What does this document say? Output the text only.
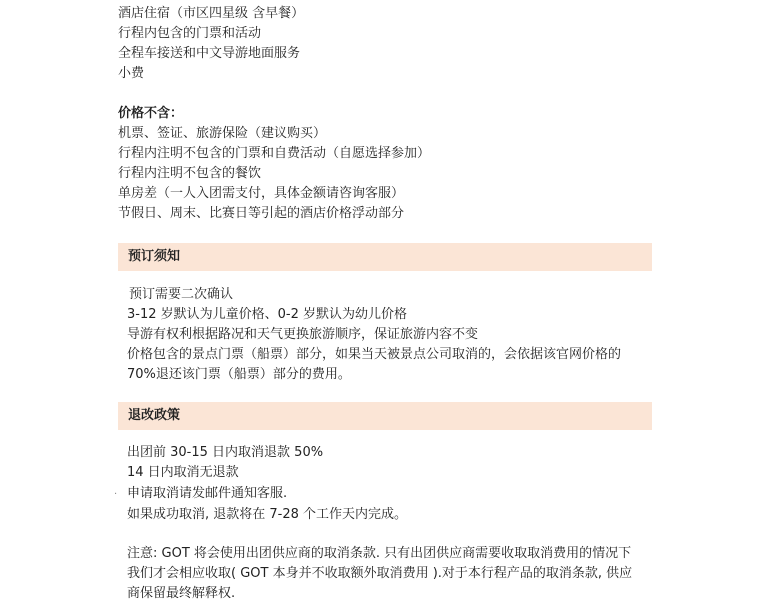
酒店住宿（市区四星级 含早餐）

行程内包含的门票和活动

全程车接送和中文导游地面服务

小费

价格不含：

机票、签证、旅游保险（建议购买）

行程内注明不包含的门票和自费活动（自愿选择参加）

行程内注明不包含的餐饮

单房差（一人入团需支付，具体金额请咨询客服）

节假日、周末、比赛日等引起的酒店价格浮动部分

预订须知

预订需要二次确认

3-12 岁默认为儿童价格、0-2 岁默认为幼儿价格

导游有权利根据路况和天气更换旅游顺序，保证旅游内容不变

价格包含的景点门票（船票）部分，如果当天被景点公司取消的，会依据该官网价格的

70%退还该门票（船票）部分的费用。

退改政策

出团前 30-15 日内取消退款 50%

14 日内取消无退款

· 申请取消请发邮件通知客服.

如果成功取消, 退款将在 7-28 个工作天内完成。

注意: GOT 将会使用出团供应商的取消条款. 只有出团供应商需要收取取消费用的情况下

我们才会相应收取( GOT 本身并不收取额外取消费用 ).对于本行程产品的取消条款, 供应

商保留最终解释权.
